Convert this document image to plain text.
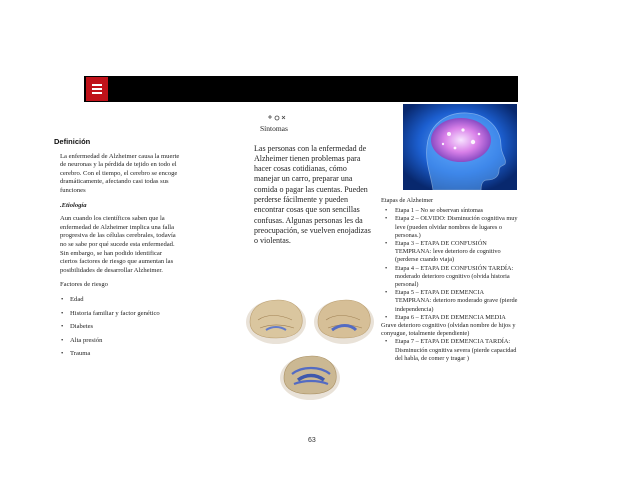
Definición

La enfermedad de Alzheimer causa la muerte de neuronas y la pérdida de tejido en todo el cerebro. Con el tiempo, el cerebro se encoge dramáticamente, afectando casi todas sus funciones

.Etiología

Aun cuando los científicos saben que la enfermedad de Alzheimer implica una falla progresiva de las células cerebrales, todavía no se sabe por qué sucede esta enfermedad. Sin embargo, se han podido identificar ciertos factores de riesgo que aumentan las posibilidades de desarrollar Alzheimer.

Factores de riesgo

• Edad
• Historia familiar y factor genético
• Diabetes
• Alta presión
• Trauma
Síntomas

Las personas con la enfermedad de Alzheimer tienen problemas para hacer cosas cotidianas, cómo manejar un carro, preparar una comida o pagar las cuentas. Pueden perderse fácilmente y pueden encontrar cosas que son sencillas confusas. Algunas personas les da preocupación, se vuelven enojadizas o violentas.

Etapas de Alzheimer

• Etapa 1 – No se observan síntomas
• Etapa 2 – OLVIDO: Disminución cognitiva muy leve (pueden olvidar nombres de lugares o personas.)
• Etapa 3 – ETAPA DE CONFUSIÓN TEMPRANA: leve deterioro de cognitivo (perderse cuando viaja)
• Etapa 4 – ETAPA DE CONFUSIÓN TARDÍA: moderado deterioro cognitivo (olvida historia personal)
• Etapa 5 – ETAPA DE DEMENCIA TEMPRANA: deterioro moderado grave (pierde independencia)
• Etapa 6 – ETAPA DE DEMENCIA MEDIA

Grave deterioro cognitivo (olvidan nombre de hijos y conyugue, totalmente dependiente)

• Etapa 7 – ETAPA DE DEMENCIA TARDÍA: Disminución cognitiva severa (pierde capacidad del habla, de comer y tragar )
63
